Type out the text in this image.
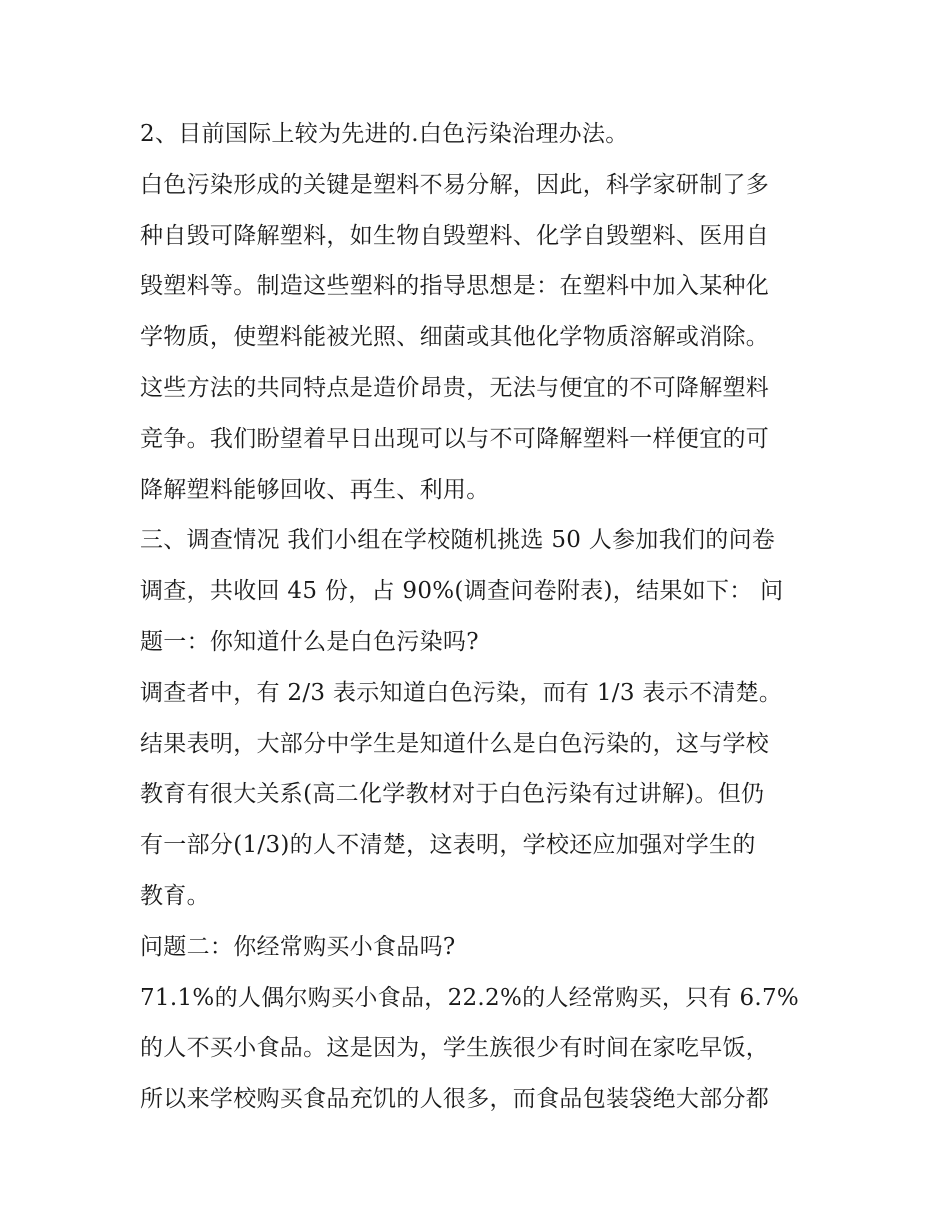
2、目前国际上较为先进的.白色污染治理办法。
白色污染形成的关键是塑料不易分解，因此，科学家研制了多
种自毁可降解塑料，如生物自毁塑料、化学自毁塑料、医用自
毁塑料等。制造这些塑料的指导思想是：在塑料中加入某种化
学物质，使塑料能被光照、细菌或其他化学物质溶解或消除。
这些方法的共同特点是造价昂贵，无法与便宜的不可降解塑料
竞争。我们盼望着早日出现可以与不可降解塑料一样便宜的可
降解塑料能够回收、再生、利用。
三、调查情况 我们小组在学校随机挑选 50 人参加我们的问卷
调查，共收回 45 份，占 90%(调查问卷附表)，结果如下： 问
题一：你知道什么是白色污染吗?
调查者中，有 2/3 表示知道白色污染，而有 1/3 表示不清楚。
结果表明，大部分中学生是知道什么是白色污染的，这与学校
教育有很大关系(高二化学教材对于白色污染有过讲解)。但仍
有一部分(1/3)的人不清楚，这表明，学校还应加强对学生的
教育。
问题二：你经常购买小食品吗?
71.1%的人偶尔购买小食品，22.2%的人经常购买，只有 6.7%
的人不买小食品。这是因为，学生族很少有时间在家吃早饭，
所以来学校购买食品充饥的人很多，而食品包装袋绝大部分都
